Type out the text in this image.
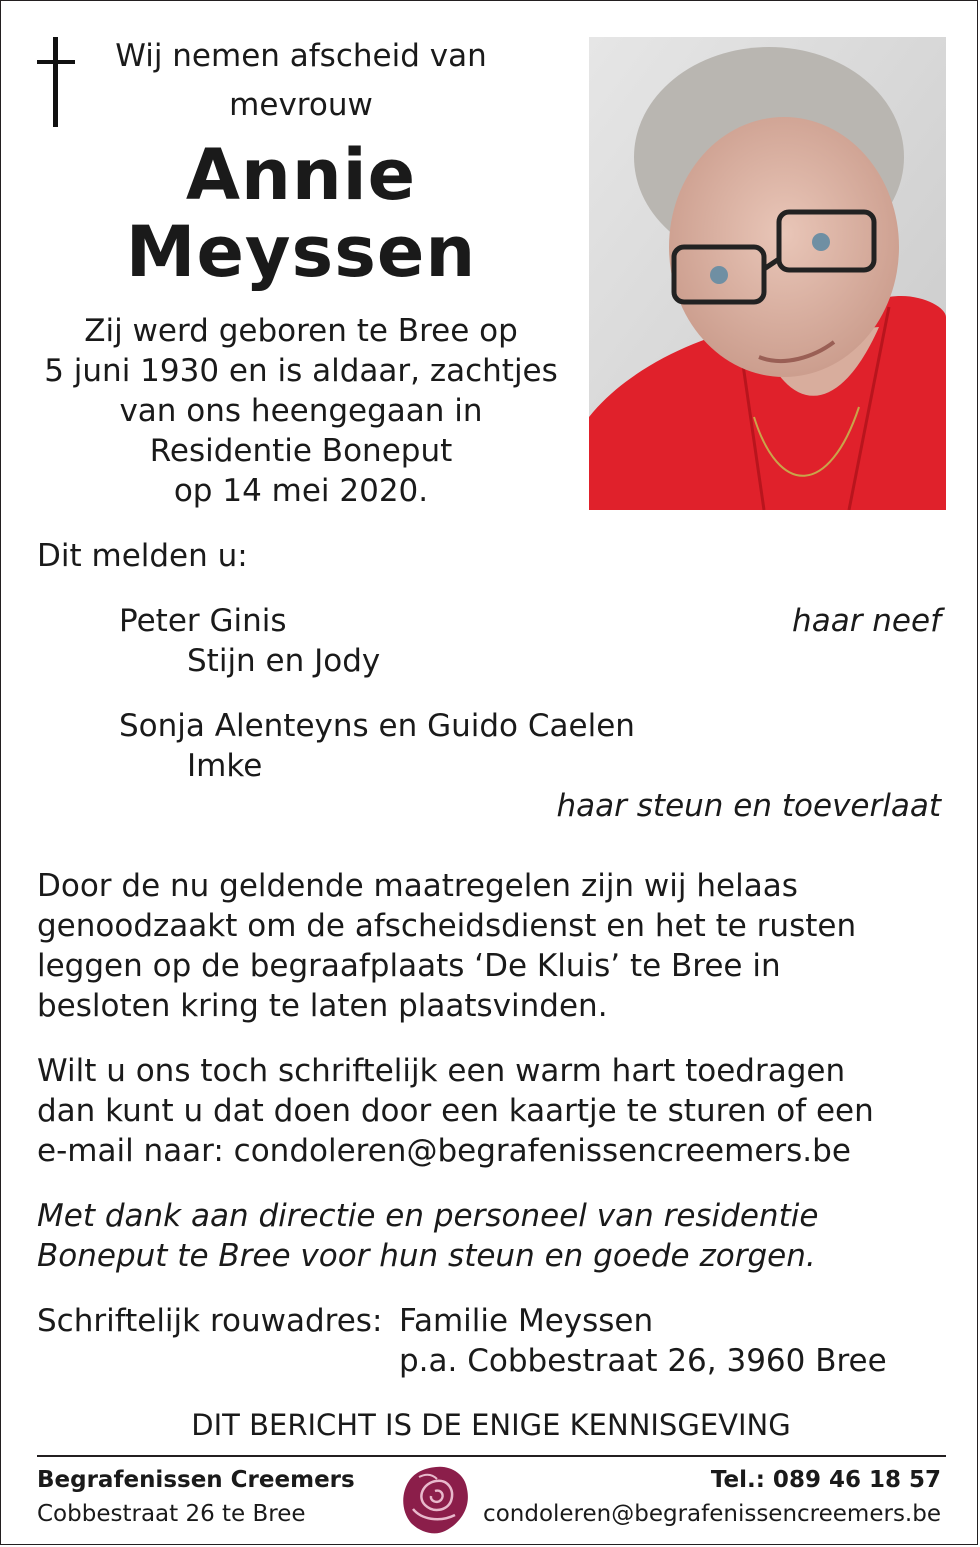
Wij nemen afscheid van
mevrouw
Annie
Meyssen
Zij werd geboren te Bree op
5 juni 1930 en is aldaar, zachtjes
van ons heengegaan in
Residentie Boneput
op 14 mei 2020.
Dit melden u:
Peter Ginis	haar neef
Stijn en Jody
Sonja Alenteyns en Guido Caelen
Imke
haar steun en toeverlaat
Door de nu geldende maatregelen zijn wij helaas
genoodzaakt om de afscheidsdienst en het te rusten
leggen op de begraafplaats ‘De Kluis’ te Bree in
besloten kring te laten plaatsvinden.
Wilt u ons toch schriftelijk een warm hart toedragen
dan kunt u dat doen door een kaartje te sturen of een
e-mail naar: condoleren@begrafenissencreemers.be
Met dank aan directie en personeel van residentie
Boneput te Bree voor hun steun en goede zorgen.
Schriftelijk rouwadres: Familie Meyssen
p.a. Cobbestraat 26, 3960 Bree
DIT BERICHT IS DE ENIGE KENNISGEVING
Begrafenissen Creemers
Cobbestraat 26 te Bree
Tel.: 089 46 18 57
condoleren@begrafenissencreemers.be
